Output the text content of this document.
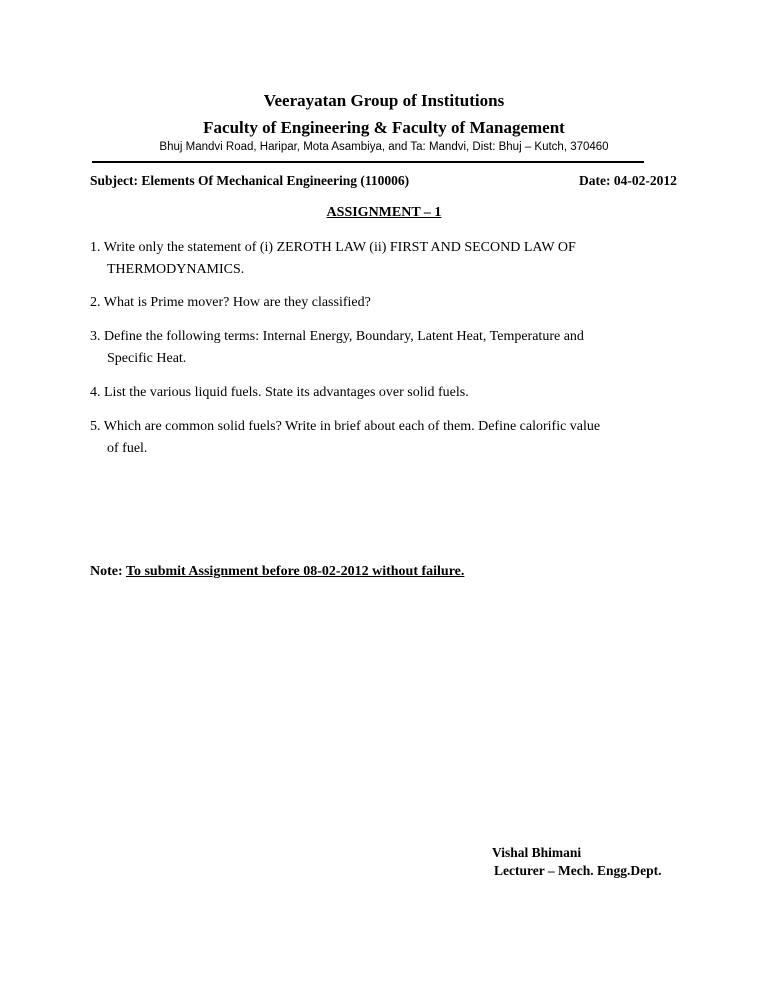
Veerayatan Group of Institutions
Faculty of Engineering & Faculty of Management
Bhuj Mandvi Road, Haripar, Mota Asambiya, and Ta: Mandvi, Dist: Bhuj – Kutch, 370460
Subject: Elements Of Mechanical Engineering (110006)	Date: 04-02-2012
ASSIGNMENT – 1
1. Write only the statement of (i) ZEROTH LAW (ii) FIRST AND SECOND LAW OF
THERMODYNAMICS.
2. What is Prime mover? How are they classified?
3. Define the following terms: Internal Energy, Boundary, Latent Heat, Temperature and
Specific Heat.
4. List the various liquid fuels. State its advantages over solid fuels.
5. Which are common solid fuels? Write in brief about each of them. Define calorific value
of fuel.
Note: To submit Assignment before 08-02-2012 without failure.
Vishal Bhimani
Lecturer – Mech. Engg.Dept.
